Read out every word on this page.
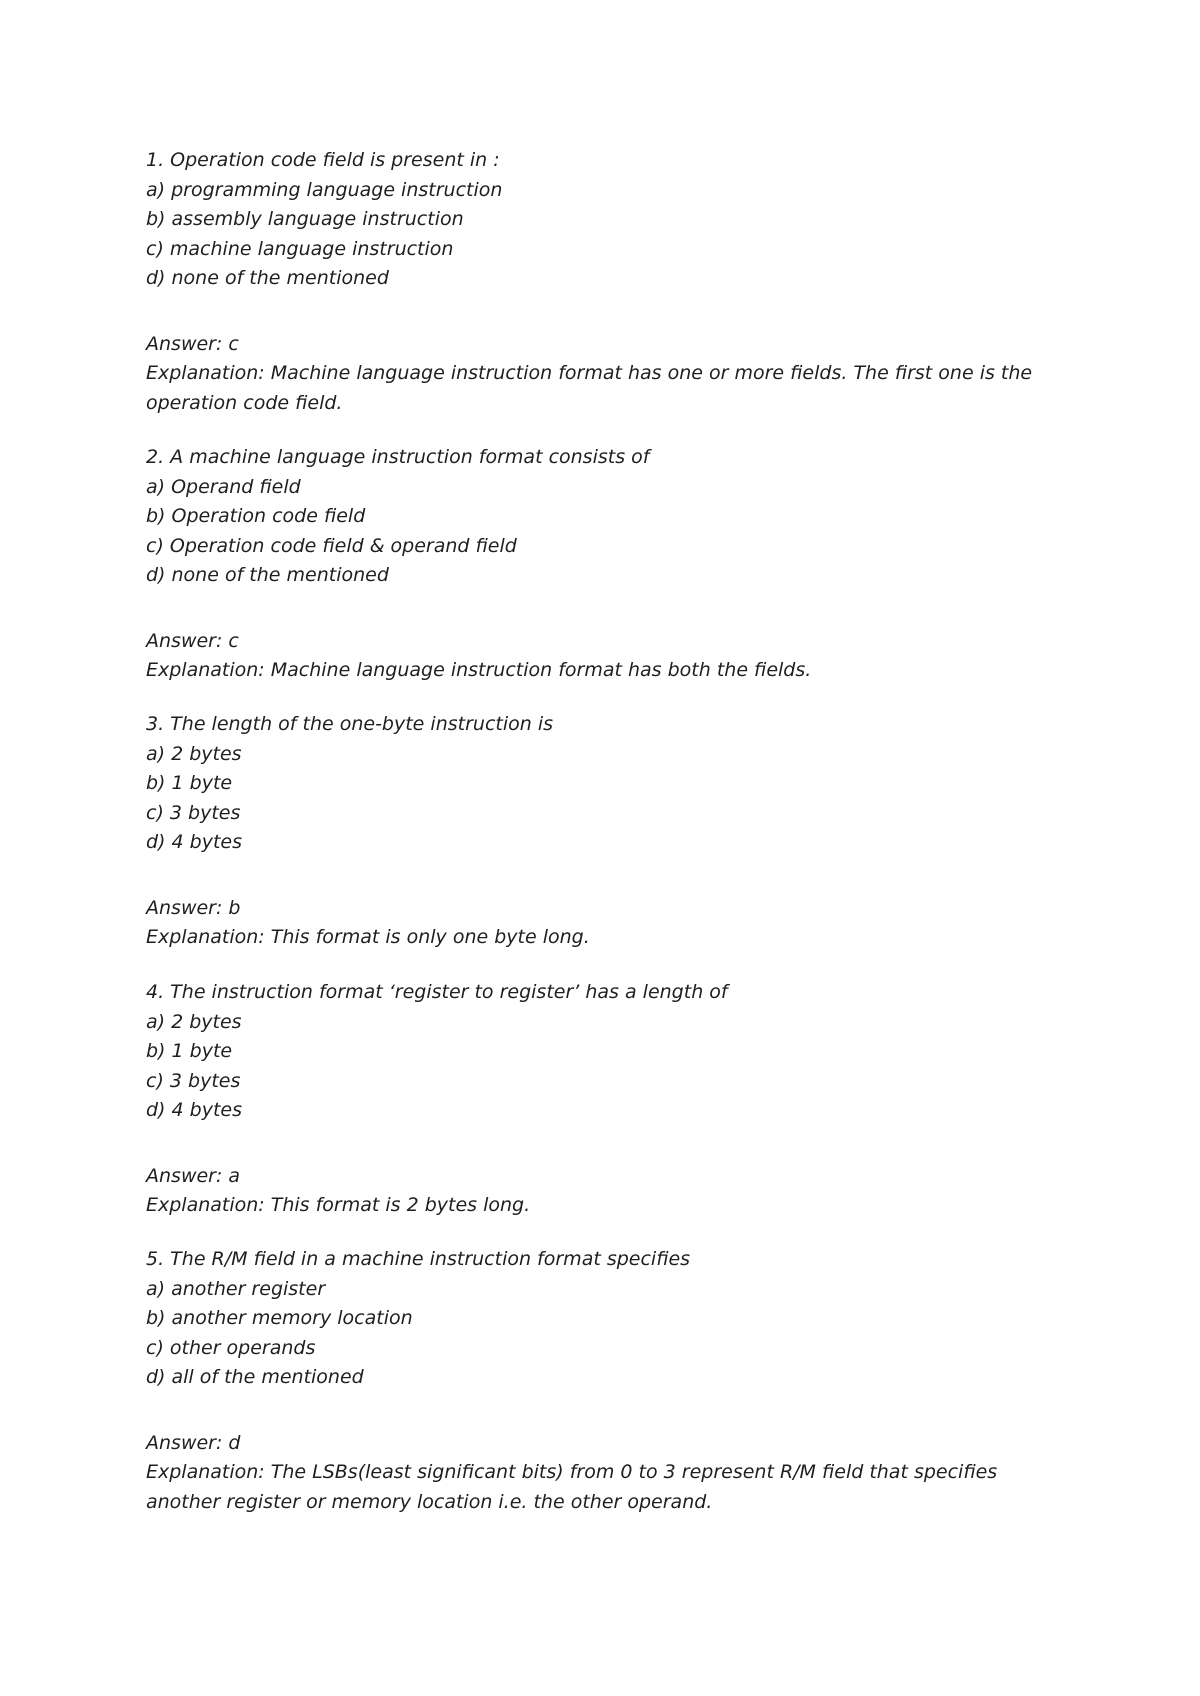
1. Operation code field is present in :
a) programming language instruction
b) assembly language instruction
c) machine language instruction
d) none of the mentioned
Answer: c
Explanation: Machine language instruction format has one or more fields. The first one is the operation code field.
2. A machine language instruction format consists of
a) Operand field
b) Operation code field
c) Operation code field & operand field
d) none of the mentioned
Answer: c
Explanation: Machine language instruction format has both the fields.
3. The length of the one-byte instruction is
a) 2 bytes
b) 1 byte
c) 3 bytes
d) 4 bytes
Answer: b
Explanation: This format is only one byte long.
4. The instruction format ‘register to register’ has a length of
a) 2 bytes
b) 1 byte
c) 3 bytes
d) 4 bytes
Answer: a
Explanation: This format is 2 bytes long.
5. The R/M field in a machine instruction format specifies
a) another register
b) another memory location
c) other operands
d) all of the mentioned
Answer: d
Explanation: The LSBs(least significant bits) from 0 to 3 represent R/M field that specifies another register or memory location i.e. the other operand.
